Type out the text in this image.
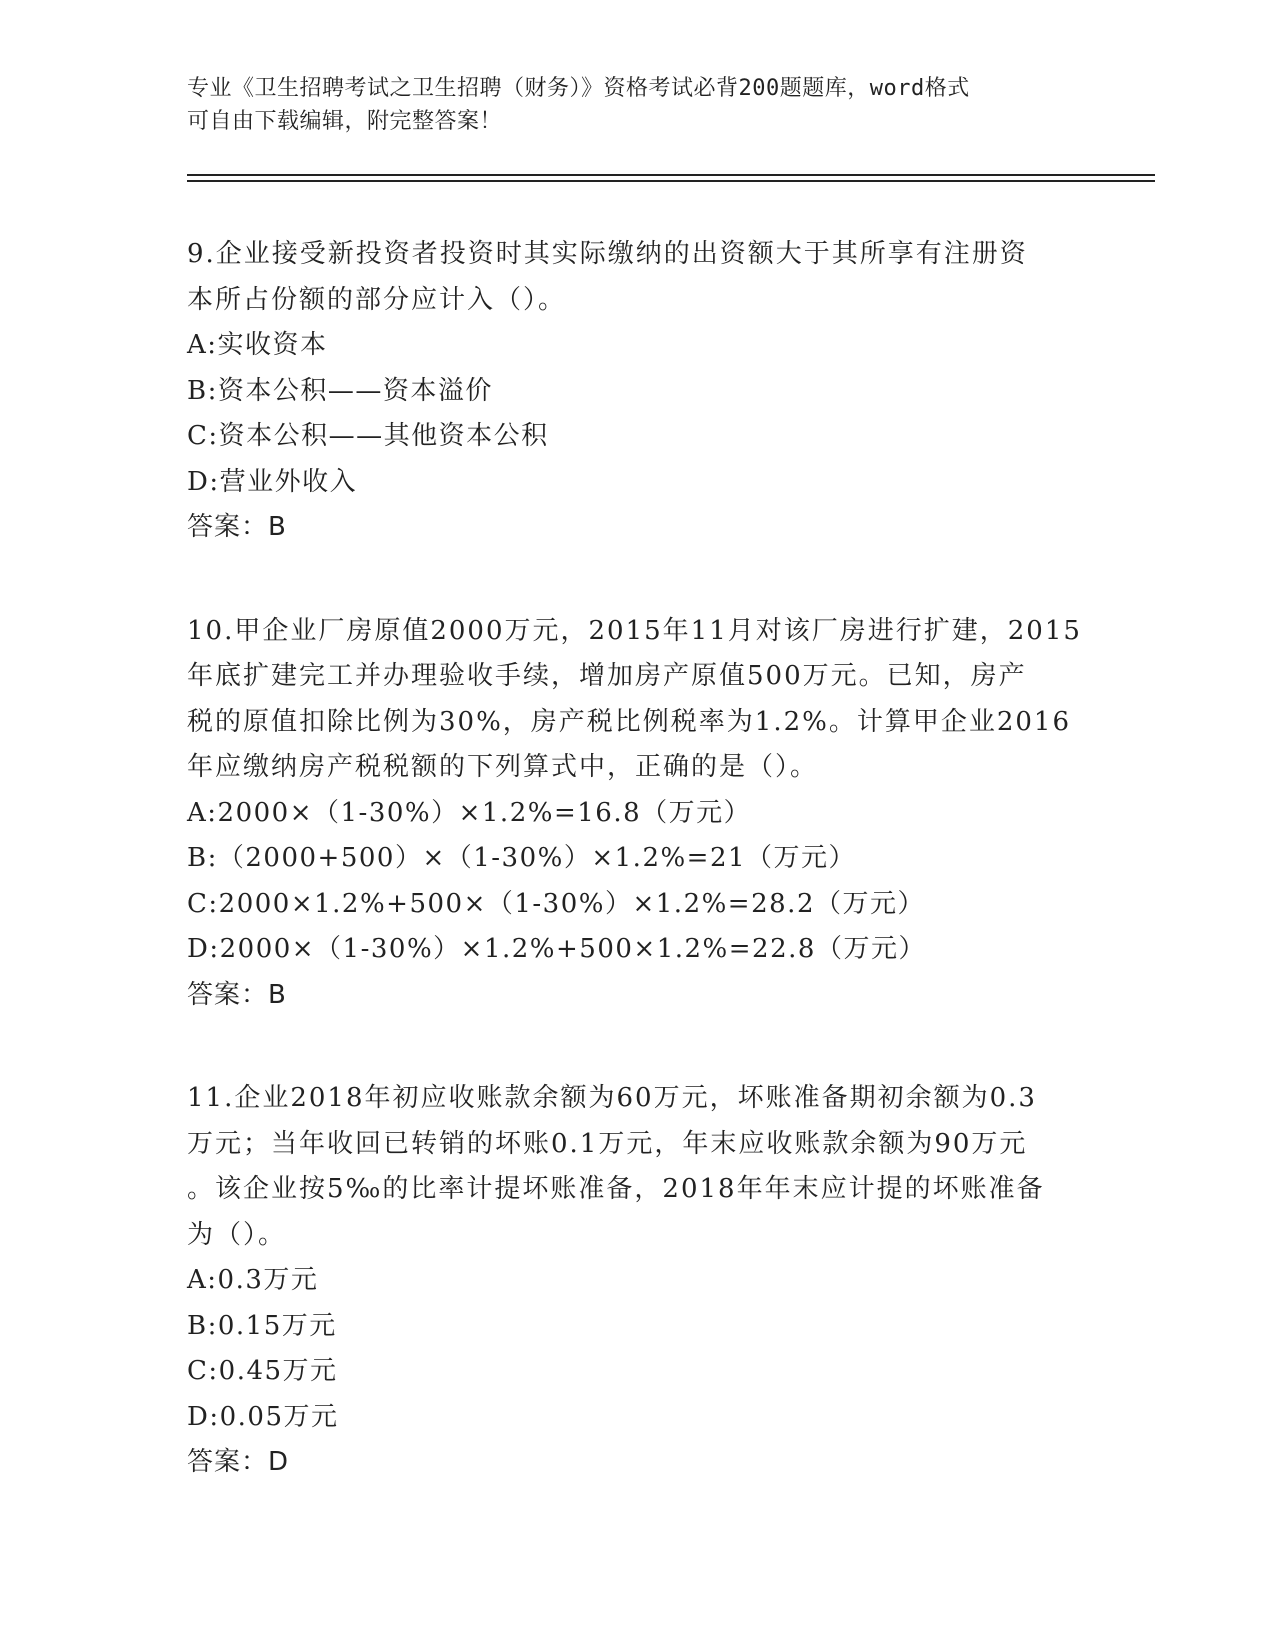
专业《卫生招聘考试之卫生招聘（财务）》资格考试必背200题题库，word格式
可自由下载编辑，附完整答案！
9.企业接受新投资者投资时其实际缴纳的出资额大于其所享有注册资
本所占份额的部分应计入（）。
A:实收资本
B:资本公积——资本溢价
C:资本公积——其他资本公积
D:营业外收入
答案：B
10.甲企业厂房原值2000万元，2015年11月对该厂房进行扩建，2015
年底扩建完工并办理验收手续，增加房产原值500万元。已知，房产
税的原值扣除比例为30%，房产税比例税率为1.2%。计算甲企业2016
年应缴纳房产税税额的下列算式中，正确的是（）。
A:2000×（1-30%）×1.2%=16.8（万元）
B:（2000+500）×（1-30%）×1.2%=21（万元）
C:2000×1.2%+500×（1-30%）×1.2%=28.2（万元）
D:2000×（1-30%）×1.2%+500×1.2%=22.8（万元）
答案：B
11.企业2018年初应收账款余额为60万元，坏账准备期初余额为0.3
万元；当年收回已转销的坏账0.1万元，年末应收账款余额为90万元
。该企业按5‰的比率计提坏账准备，2018年年末应计提的坏账准备
为（）。
A:0.3万元
B:0.15万元
C:0.45万元
D:0.05万元
答案：D
